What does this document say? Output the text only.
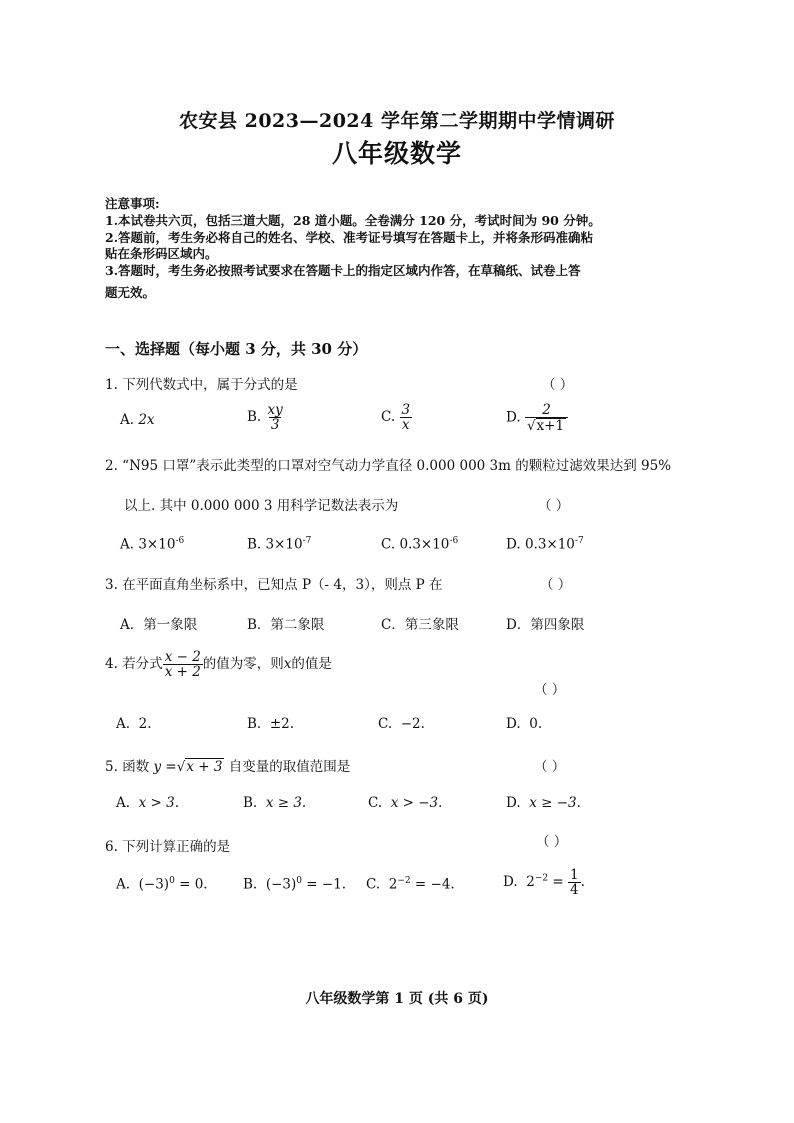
农安县 2023—2024 学年第二学期期中学情调研
八年级数学
注意事项:
1.本试卷共六页，包括三道大题，28 道小题。全卷满分 120 分，考试时间为 90 分钟。
2.答题前，考生务必将自己的姓名、学校、准考证号填写在答题卡上，并将条形码准确粘
贴在条形码区域内。
3.答题时，考生务必按照考试要求在答题卡上的指定区域内作答，在草稿纸、试卷上答
题无效。
一、选择题（每小题 3 分，共 30 分）
1. 下列代数式中，属于分式的是	（ ）
A. 2x	B. $\frac{xy}{3}$	C. $\frac{3}{x}$	D. $\frac{2}{√x+1}$
2. “N95 口罩”表示此类型的口罩对空气动力学直径 0.000 000 3m 的颗粒过滤效果达到 95%
以上. 其中 0.000 000 3 用科学记数法表示为	（ ）
A. $3\times 10^{-6}$	B. $3\times 10^{-7}$	C. $0.3\times 10^{-6}$	D. $0.3\times 10^{-7}$
3. 在平面直角坐标系中，已知点 P（- 4，3），则点 P 在	（ ）
A．第一象限	B．第二象限	C．第三象限	D．第四象限
4. 若分式 $\frac{x - 2}{x + 2}$ 的值为零，则x的值是
（ ）
A. 2.	B. ±2.	C. −2.	D. 0.
5. 函数 y =√x + 3 自变量的取值范围是	（ ）
A. x > 3.	B. x ≥ 3.	C. x > −3.	D. x ≥ −3.
6. 下列计算正确的是	（ ）
A. $(-3)^0 = 0$.	B. $(-3)^0 = -1$. C. $2^{-2} = -4$.	D. $2^{-2} = \frac{1}{4}$ .
八年级数学第 1 页 (共 6 页)
